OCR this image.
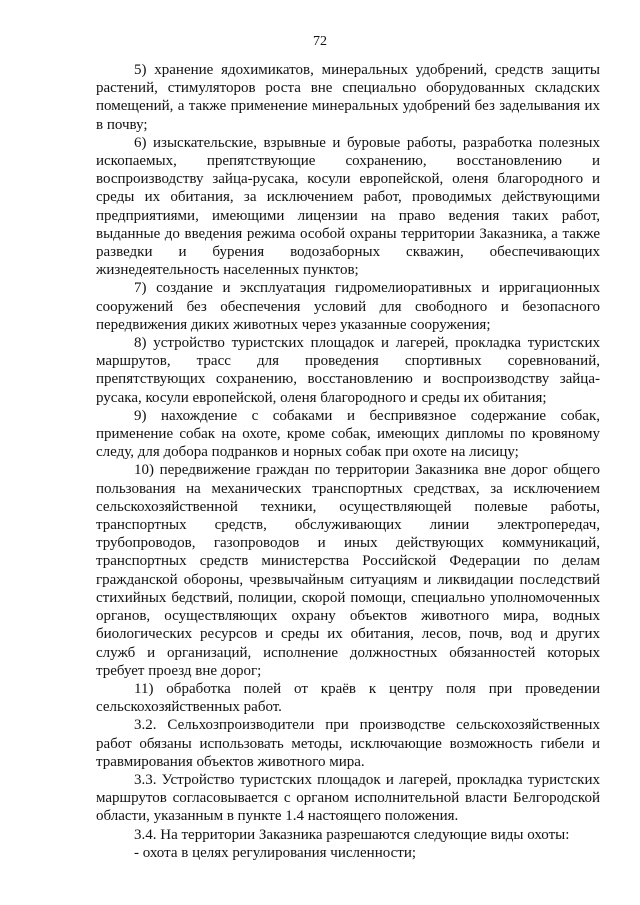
72

5) хранение ядохимикатов, минеральных удобрений, средств защиты растений, стимуляторов роста вне специально оборудованных складских помещений, а также применение минеральных удобрений без заделывания их в почву;

6) изыскательские, взрывные и буровые работы, разработка полезных ископаемых, препятствующие сохранению, восстановлению и воспроизводству зайца-русака, косули европейской, оленя благородного и среды их обитания, за исключением работ, проводимых действующими предприятиями, имеющими лицензии на право ведения таких работ, выданные до введения режима особой охраны территории Заказника, а также разведки и бурения водозаборных скважин, обеспечивающих жизнедеятельность населенных пунктов;

7) создание и эксплуатация гидромелиоративных и ирригационных сооружений без обеспечения условий для свободного и безопасного передвижения диких животных через указанные сооружения;

8) устройство туристских площадок и лагерей, прокладка туристских маршрутов, трасс для проведения спортивных соревнований, препятствующих сохранению, восстановлению и воспроизводству зайца-русака, косули европейской, оленя благородного и среды их обитания;

9) нахождение с собаками и беспривязное содержание собак, применение собак на охоте, кроме собак, имеющих дипломы по кровяному следу, для добора подранков и норных собак при охоте на лисицу;

10) передвижение граждан по территории Заказника вне дорог общего пользования на механических транспортных средствах, за исключением сельскохозяйственной техники, осуществляющей полевые работы, транспортных средств, обслуживающих линии электропередач, трубопроводов, газопроводов и иных действующих коммуникаций, транспортных средств министерства Российской Федерации по делам гражданской обороны, чрезвычайным ситуациям и ликвидации последствий стихийных бедствий, полиции, скорой помощи, специально уполномоченных органов, осуществляющих охрану объектов животного мира, водных биологических ресурсов и среды их обитания, лесов, почв, вод и других служб и организаций, исполнение должностных обязанностей которых требует проезд вне дорог;

11) обработка полей от краёв к центру поля при проведении сельскохозяйственных работ.

3.2. Сельхозпроизводители при производстве сельскохозяйственных работ обязаны использовать методы, исключающие возможность гибели и травмирования объектов животного мира.

3.3. Устройство туристских площадок и лагерей, прокладка туристских маршрутов согласовывается с органом исполнительной власти Белгородской области, указанным в пункте 1.4 настоящего положения.

3.4. На территории Заказника разрешаются следующие виды охоты:

- охота в целях регулирования численности;
